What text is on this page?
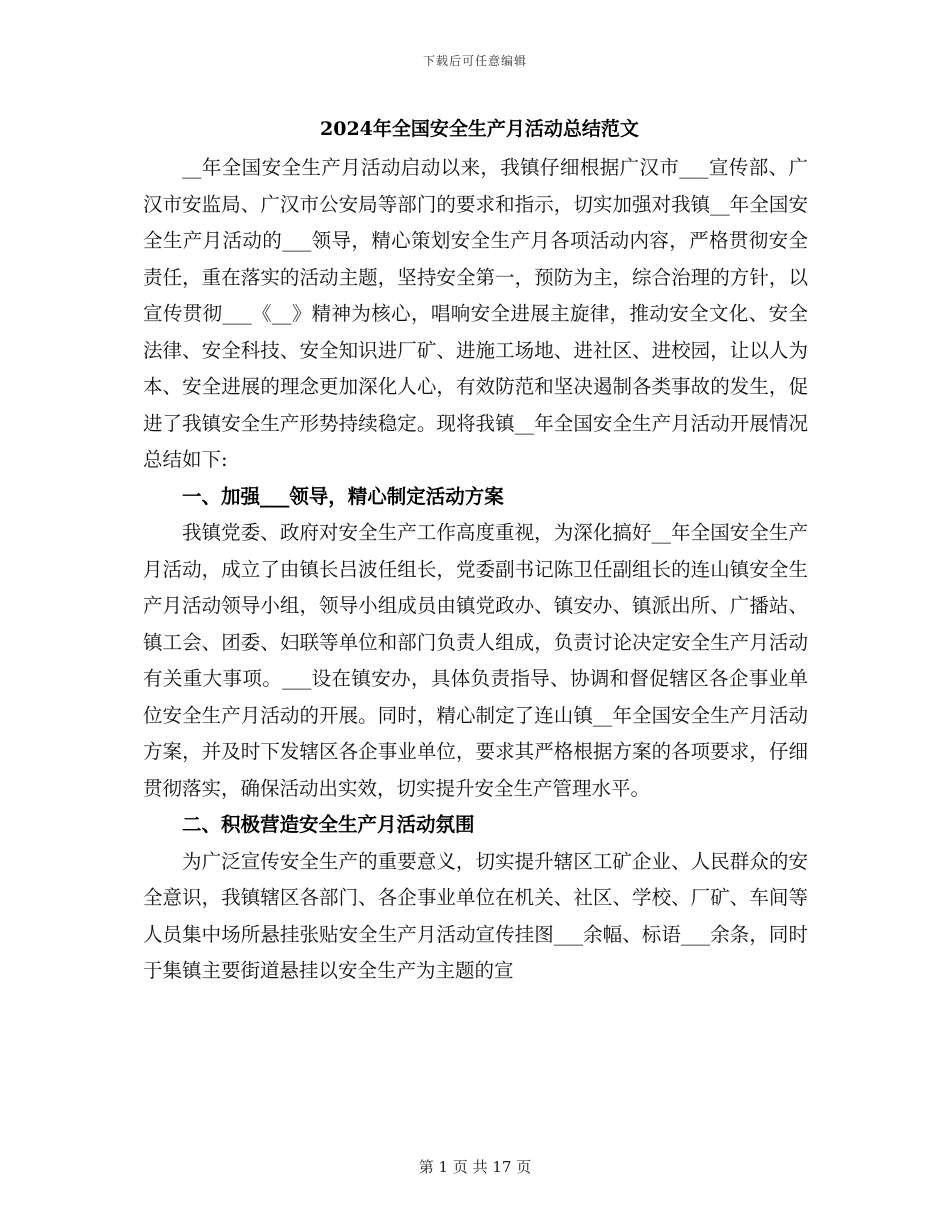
下载后可任意编辑
2024年全国安全生产月活动总结范文

__年全国安全生产月活动启动以来，我镇仔细根据广汉市___宣传部、广汉市安监局、广汉市公安局等部门的要求和指示，切实加强对我镇__年全国安全生产月活动的___领导，精心策划安全生产月各项活动内容，严格贯彻安全责任，重在落实的活动主题，坚持安全第一，预防为主，综合治理的方针，以宣传贯彻___《__》精神为核心，唱响安全进展主旋律，推动安全文化、安全法律、安全科技、安全知识进厂矿、进施工场地、进社区、进校园，让以人为本、安全进展的理念更加深化人心，有效防范和坚决遏制各类事故的发生，促进了我镇安全生产形势持续稳定。现将我镇__年全国安全生产月活动开展情况总结如下:

一、加强___领导，精心制定活动方案

我镇党委、政府对安全生产工作高度重视，为深化搞好__年全国安全生产月活动，成立了由镇长吕波任组长，党委副书记陈卫任副组长的连山镇安全生产月活动领导小组，领导小组成员由镇党政办、镇安办、镇派出所、广播站、镇工会、团委、妇联等单位和部门负责人组成，负责讨论决定安全生产月活动有关重大事项。___设在镇安办，具体负责指导、协调和督促辖区各企事业单位安全生产月活动的开展。同时，精心制定了连山镇__年全国安全生产月活动方案，并及时下发辖区各企事业单位，要求其严格根据方案的各项要求，仔细贯彻落实，确保活动出实效，切实提升安全生产管理水平。

二、积极营造安全生产月活动氛围

为广泛宣传安全生产的重要意义，切实提升辖区工矿企业、人民群众的安全意识，我镇辖区各部门、各企事业单位在机关、社区、学校、厂矿、车间等人员集中场所悬挂张贴安全生产月活动宣传挂图___余幅、标语___余条，同时于集镇主要街道悬挂以安全生产为主题的宣

第 1 页 共 17 页
